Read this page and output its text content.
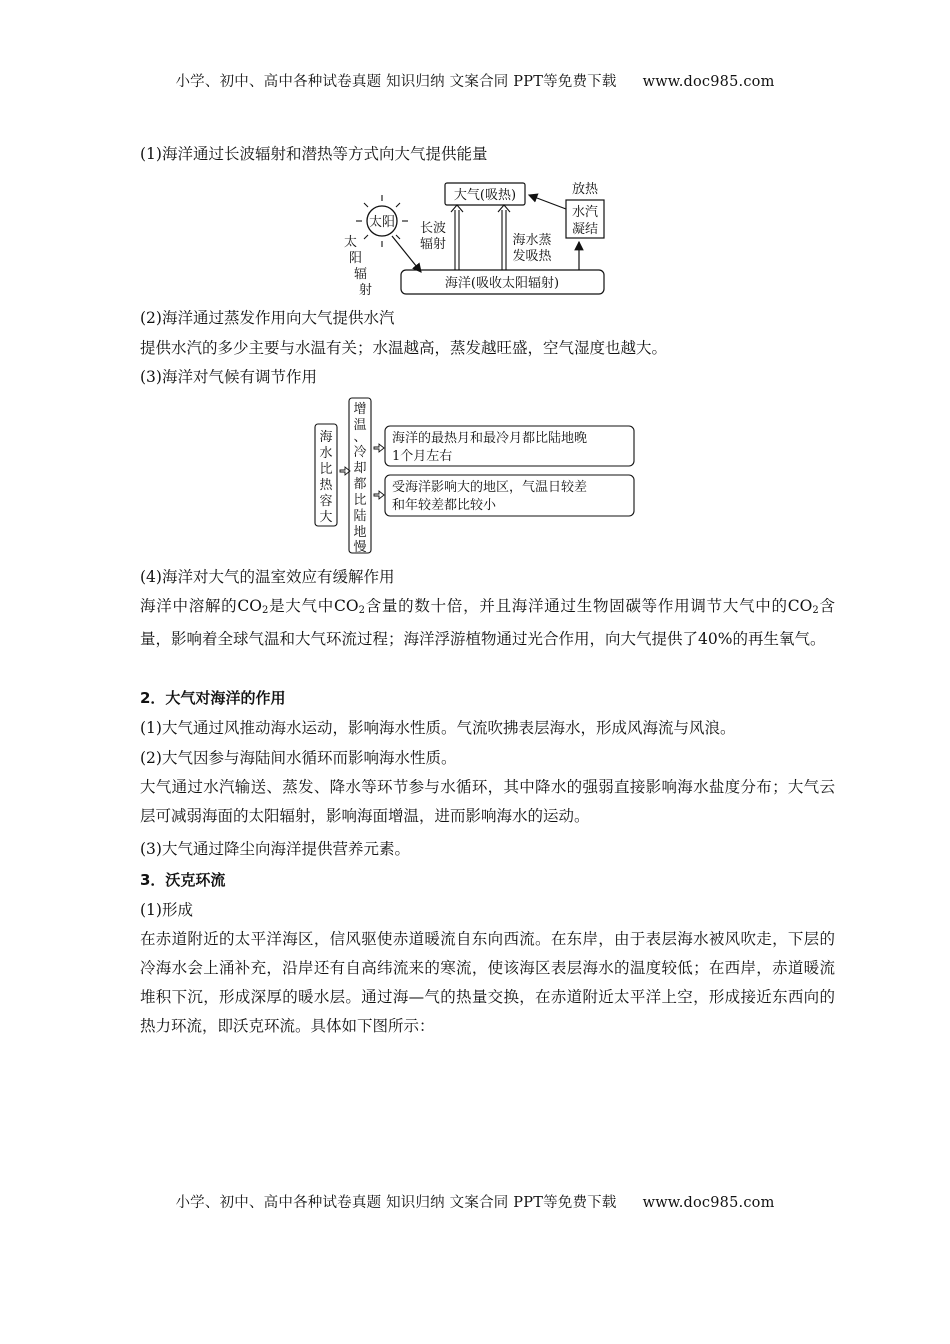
小学、初中、高中各种试卷真题 知识归纳 文案合同 PPT等免费下载 www.doc985.com
(1)海洋通过长波辐射和潜热等方式向大气提供能量
太阳
太
阳
辐
射
大气(吸热)
海洋(吸收太阳辐射)
长波
辐射	海水蒸
发吸热
放热
水汽
凝结
(2)海洋通过蒸发作用向大气提供水汽
提供水汽的多少主要与水温有关；水温越高，蒸发越旺盛，空气湿度也越大。
(3)海洋对气候有调节作用
海
水
比
热
容
大
增
温
、
冷
却
都
比
陆
地
慢
海洋的最热月和最冷月都比陆地晚
1个月左右
受海洋影响大的地区，气温日较差
和年较差都比较小
(4)海洋对大气的温室效应有缓解作用
海洋中溶解的$CO_2$是大气中$CO_2$含量的数十倍，并且海洋通过生物固碳等作用调节大气中的$CO_2$含量，影响着全球气温和大气环流过程；海洋浮游植物通过光合作用，向大气提供了40%的再生氧气。
2．大气对海洋的作用
(1)大气通过风推动海水运动，影响海水性质。气流吹拂表层海水，形成风海流与风浪。
(2)大气因参与海陆间水循环而影响海水性质。
大气通过水汽输送、蒸发、降水等环节参与水循环，其中降水的强弱直接影响海水盐度分布；大气云层可减弱海面的太阳辐射，影响海面增温，进而影响海水的运动。
(3)大气通过降尘向海洋提供营养元素。
3．沃克环流
(1)形成
在赤道附近的太平洋海区，信风驱使赤道暖流自东向西流。在东岸，由于表层海水被风吹走，下层的冷海水会上涌补充，沿岸还有自高纬流来的寒流，使该海区表层海水的温度较低；在西岸，赤道暖流堆积下沉，形成深厚的暖水层。通过海—气的热量交换，在赤道附近太平洋上空，形成接近东西向的热力环流，即沃克环流。具体如下图所示：
小学、初中、高中各种试卷真题 知识归纳 文案合同 PPT等免费下载 www.doc985.com
